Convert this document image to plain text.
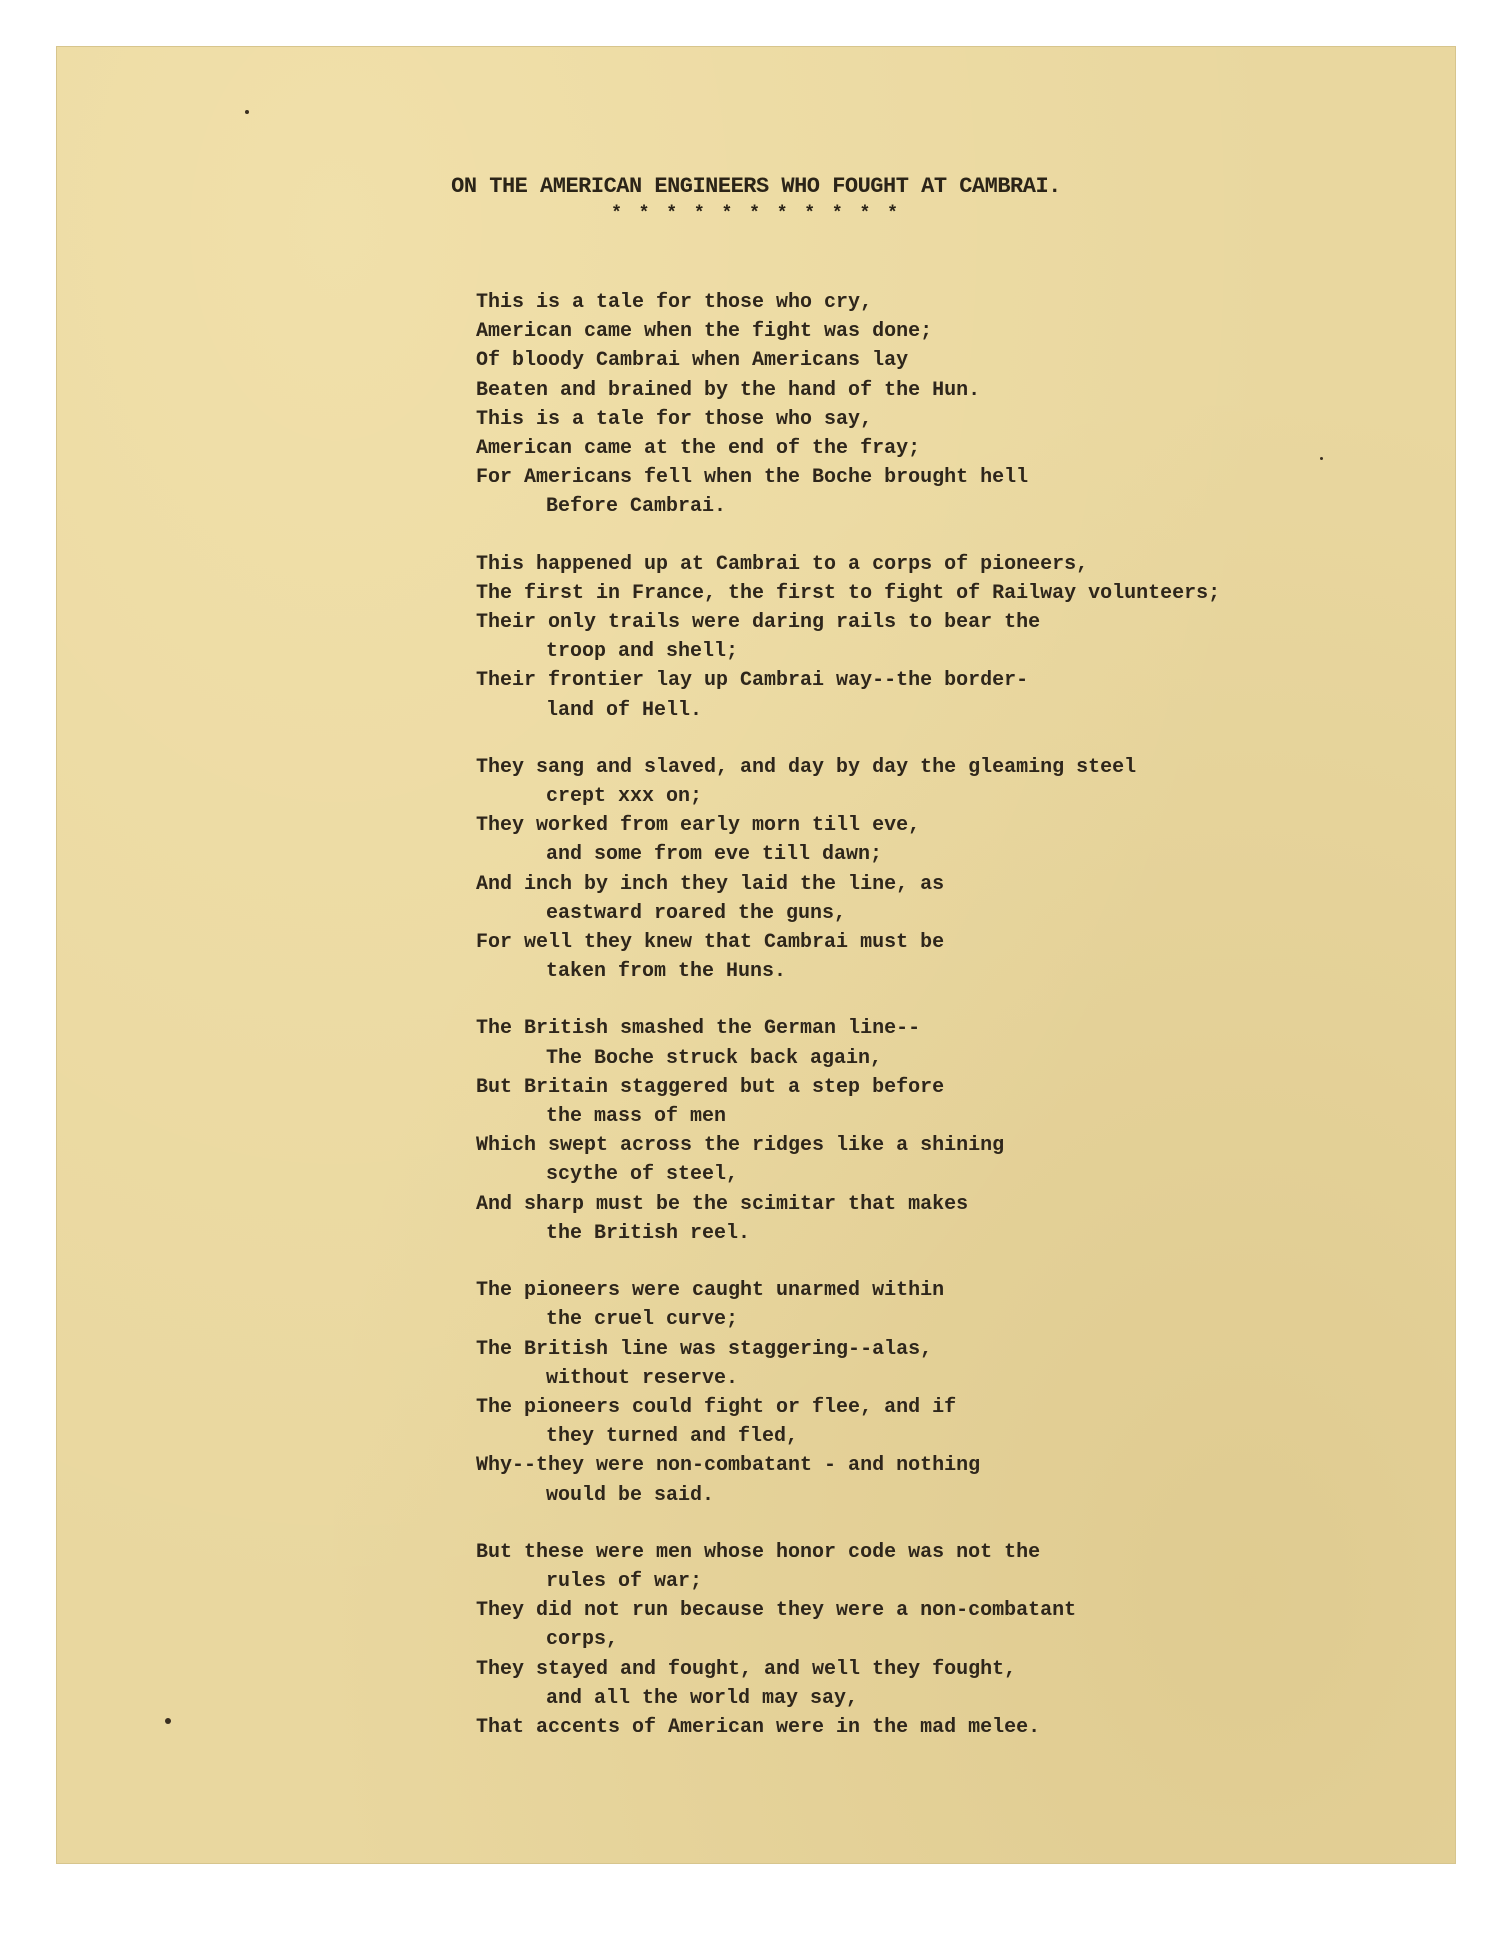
ON THE AMERICAN ENGINEERS WHO FOUGHT AT CAMBRAI.
* * * * * * * * * * *
This is a tale for those who cry,
American came when the fight was done;
Of bloody Cambrai when Americans lay
Beaten and brained by the hand of the Hun.
This is a tale for those who say,
American came at the end of the fray;
For Americans fell when the Boche brought hell
Before Cambrai.
This happened up at Cambrai to a corps of pioneers,
The first in France, the first to fight of Railway volunteers;
Their only trails were daring rails to bear the
troop and shell;
Their frontier lay up Cambrai way--the border-
land of Hell.
They sang and slaved, and day by day the gleaming steel
crept xxx on;
They worked from early morn till eve,
and some from eve till dawn;
And inch by inch they laid the line, as
eastward roared the guns,
For well they knew that Cambrai must be
taken from the Huns.
The British smashed the German line--
The Boche struck back again,
But Britain staggered but a step before
the mass of men
Which swept across the ridges like a shining
scythe of steel,
And sharp must be the scimitar that makes
the British reel.
The pioneers were caught unarmed within
the cruel curve;
The British line was staggering--alas,
without reserve.
The pioneers could fight or flee, and if
they turned and fled,
Why--they were non-combatant - and nothing
would be said.
But these were men whose honor code was not the
rules of war;
They did not run because they were a non-combatant
corps,
They stayed and fought, and well they fought,
and all the world may say,
That accents of American were in the mad melee.
